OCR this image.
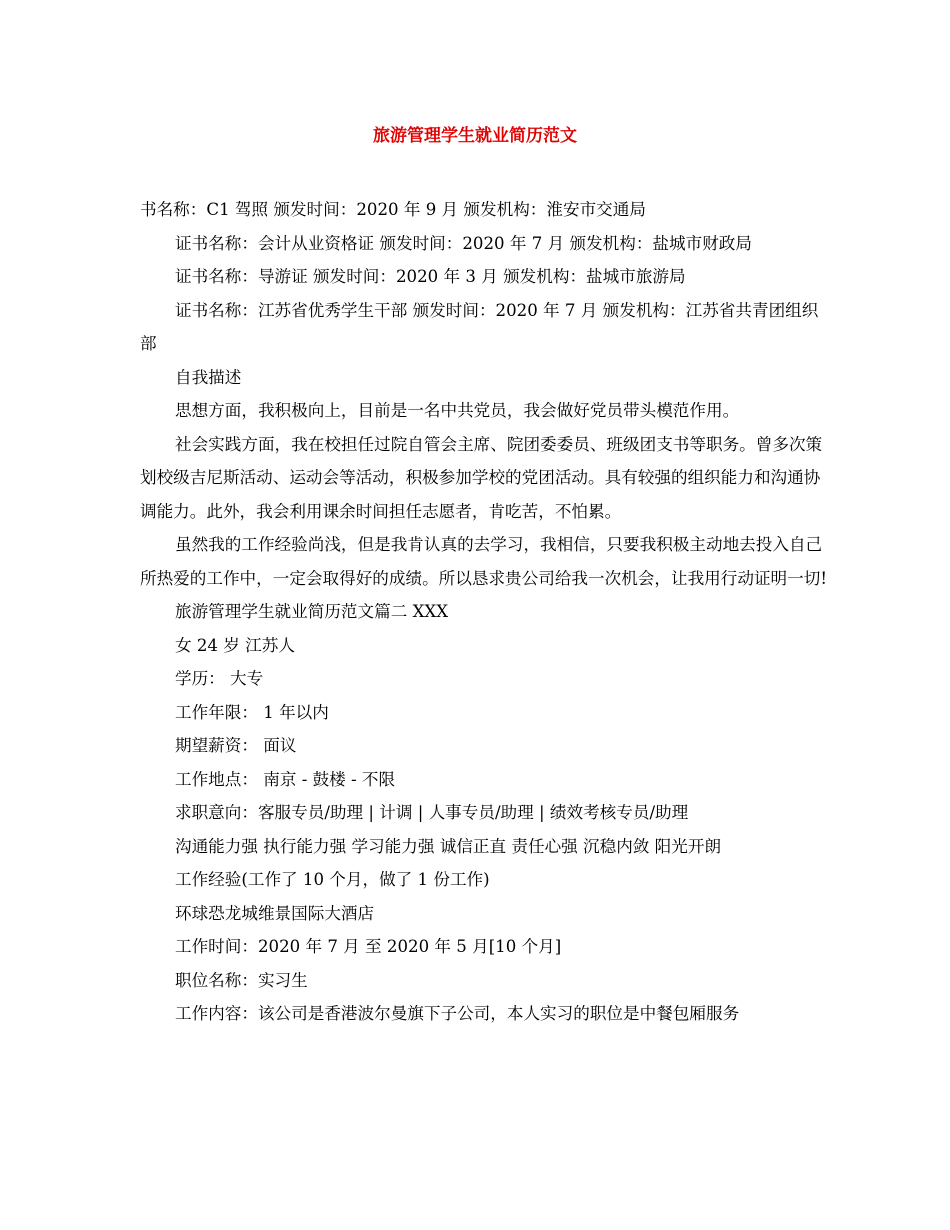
旅游管理学生就业简历范文

书名称：C1 驾照 颁发时间：2020 年 9 月 颁发机构：淮安市交通局

证书名称：会计从业资格证 颁发时间：2020 年 7 月 颁发机构：盐城市财政局

证书名称：导游证 颁发时间：2020 年 3 月 颁发机构：盐城市旅游局

证书名称：江苏省优秀学生干部 颁发时间：2020 年 7 月 颁发机构：江苏省共青团组织部

自我描述

思想方面，我积极向上，目前是一名中共党员，我会做好党员带头模范作用。

社会实践方面，我在校担任过院自管会主席、院团委委员、班级团支书等职务。曾多次策划校级吉尼斯活动、运动会等活动，积极参加学校的党团活动。具有较强的组织能力和沟通协调能力。此外，我会利用课余时间担任志愿者，肯吃苦，不怕累。

虽然我的工作经验尚浅，但是我肯认真的去学习，我相信，只要我积极主动地去投入自己所热爱的工作中，一定会取得好的成绩。所以恳求贵公司给我一次机会，让我用行动证明一切!

旅游管理学生就业简历范文篇二 XXX

女 24 岁 江苏人

学历： 大专

工作年限： 1 年以内

期望薪资： 面议

工作地点： 南京 - 鼓楼 - 不限

求职意向：客服专员/助理 | 计调 | 人事专员/助理 | 绩效考核专员/助理

沟通能力强 执行能力强 学习能力强 诚信正直 责任心强 沉稳内敛 阳光开朗

工作经验(工作了 10 个月，做了 1 份工作)

环球恐龙城维景国际大酒店

工作时间：2020 年 7 月 至 2020 年 5 月[10 个月]

职位名称：实习生

工作内容：该公司是香港波尔曼旗下子公司，本人实习的职位是中餐包厢服务
